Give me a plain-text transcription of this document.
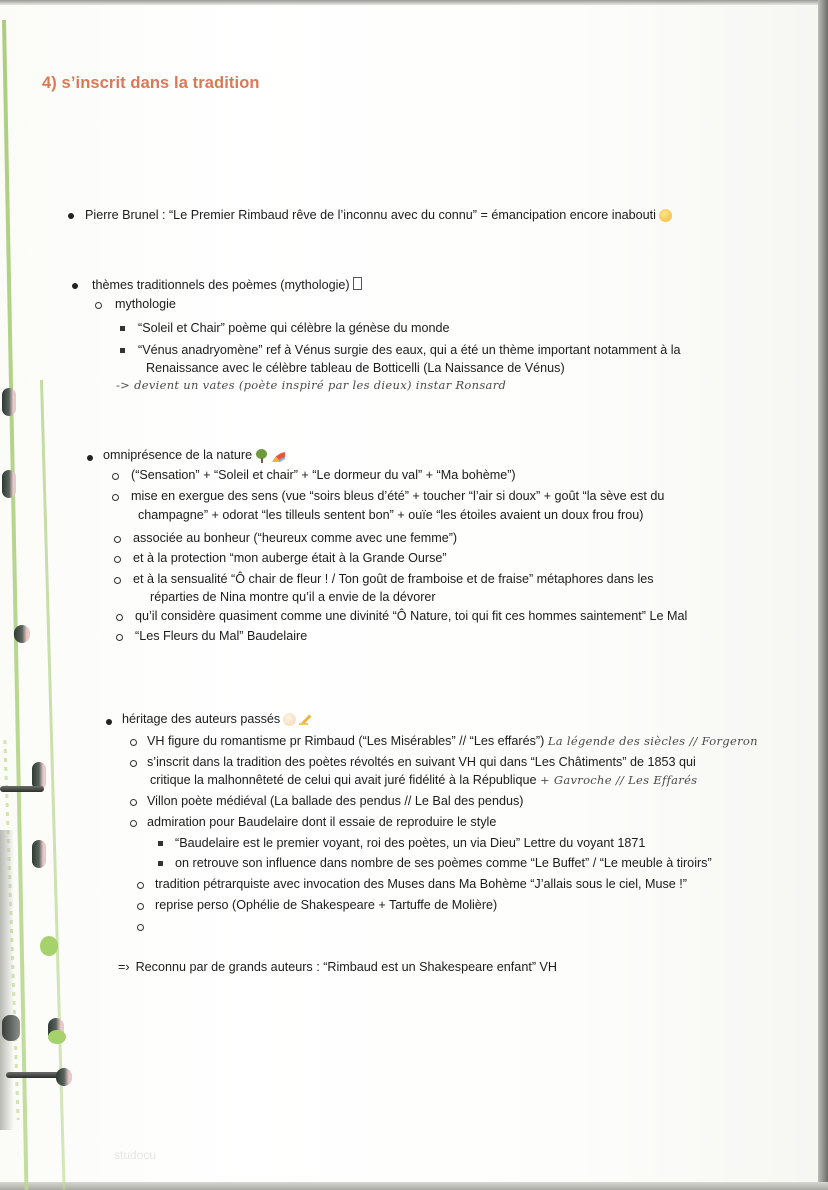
4) s’inscrit dans la tradition
Pierre Brunel : “Le Premier Rimbaud rêve de l’inconnu avec du connu” = émancipation encore inabouti
thèmes traditionnels des poèmes (mythologie)
mythologie
“Soleil et Chair” poème qui célèbre la génèse du monde
“Vénus anadryomène” ref à Vénus surgie des eaux, qui a été un thème important notamment à la
Renaissance avec le célèbre tableau de Botticelli (La Naissance de Vénus)
-> devient un vates (poète inspiré par les dieux) instar Ronsard
omniprésence de la nature
(“Sensation” + “Soleil et chair” + “Le dormeur du val” + “Ma bohème”)
mise en exergue des sens (vue “soirs bleus d’été” + toucher “l’air si doux” + goût “la sève est du
champagne” + odorat “les tilleuls sentent bon” + ouïe “les étoiles avaient un doux frou frou)
associée au bonheur (“heureux comme avec une femme”)
et à la protection “mon auberge était à la Grande Ourse”
et à la sensualité “Ô chair de fleur ! / Ton goût de framboise et de fraise” métaphores dans les
réparties de Nina montre qu’il a envie de la dévorer
qu’il considère quasiment comme une divinité “Ô Nature, toi qui fit ces hommes saintement” Le Mal
“Les Fleurs du Mal” Baudelaire
héritage des auteurs passés
VH figure du romantisme pr Rimbaud (“Les Misérables” // “Les effarés”) La légende des siècles // Forgeron
s’inscrit dans la tradition des poètes révoltés en suivant VH qui dans “Les Châtiments” de 1853 qui
critique la malhonnêteté de celui qui avait juré fidélité à la République + Gavroche // Les Effarés
Villon poète médiéval (La ballade des pendus // Le Bal des pendus)
admiration pour Baudelaire dont il essaie de reproduire le style
“Baudelaire est le premier voyant, roi des poètes, un via Dieu” Lettre du voyant 1871
on retrouve son influence dans nombre de ses poèmes comme “Le Buffet” / “Le meuble à tiroirs”
tradition pétrarquiste avec invocation des Muses dans Ma Bohème “J’allais sous le ciel, Muse !”
reprise perso (Ophélie de Shakespeare + Tartuffe de Molière)
=› Reconnu par de grands auteurs : “Rimbaud est un Shakespeare enfant” VH
studocu
